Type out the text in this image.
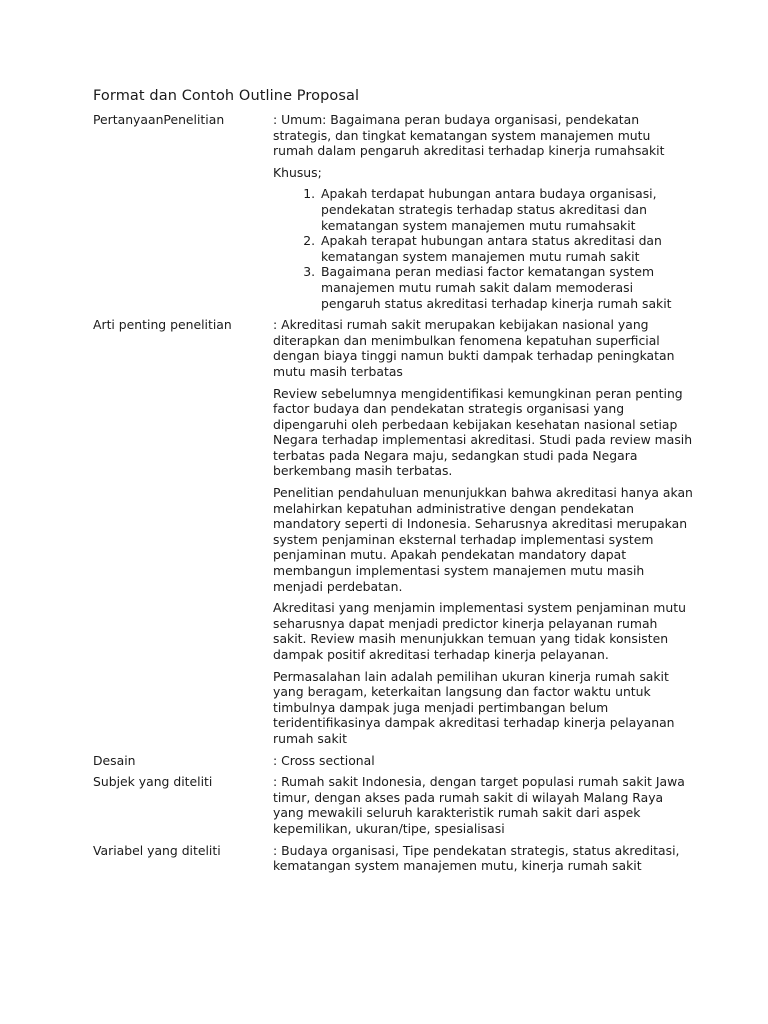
Format dan Contoh Outline Proposal
PertanyaanPenelitian	: Umum: Bagaimana peran budaya organisasi, pendekatan strategis, dan tingkat kematangan system manajemen mutu rumah dalam pengaruh akreditasi terhadap kinerja rumahsakit
Khusus;
1. Apakah terdapat hubungan antara budaya organisasi, pendekatan strategis terhadap status akreditasi dan kematangan system manajemen mutu rumahsakit
2. Apakah terapat hubungan antara status akreditasi dan kematangan system manajemen mutu rumah sakit
3. Bagaimana peran mediasi factor kematangan system manajemen mutu rumah sakit dalam memoderasi pengaruh status akreditasi terhadap kinerja rumah sakit
Arti penting penelitian	: Akreditasi rumah sakit merupakan kebijakan nasional yang diterapkan dan menimbulkan fenomena kepatuhan superficial dengan biaya tinggi namun bukti dampak terhadap peningkatan mutu masih terbatas
Review sebelumnya mengidentifikasi kemungkinan peran penting factor budaya dan pendekatan strategis organisasi yang dipengaruhi oleh perbedaan kebijakan kesehatan nasional setiap Negara terhadap implementasi akreditasi. Studi pada review masih terbatas pada Negara maju, sedangkan studi pada Negara berkembang masih terbatas.
Penelitian pendahuluan menunjukkan bahwa akreditasi hanya akan melahirkan kepatuhan administrative dengan pendekatan mandatory seperti di Indonesia. Seharusnya akreditasi merupakan system penjaminan eksternal terhadap implementasi system penjaminan mutu. Apakah pendekatan mandatory dapat membangun implementasi system manajemen mutu masih menjadi perdebatan.
Akreditasi yang menjamin implementasi system penjaminan mutu seharusnya dapat menjadi predictor kinerja pelayanan rumah sakit. Review masih menunjukkan temuan yang tidak konsisten dampak positif akreditasi terhadap kinerja pelayanan.
Permasalahan lain adalah pemilihan ukuran kinerja rumah sakit yang beragam, keterkaitan langsung dan factor waktu untuk timbulnya dampak juga menjadi pertimbangan belum teridentifikasinya dampak akreditasi terhadap kinerja pelayanan rumah sakit
Desain	: Cross sectional
Subjek yang diteliti	: Rumah sakit Indonesia, dengan target populasi rumah sakit Jawa timur, dengan akses pada rumah sakit di wilayah Malang Raya yang mewakili seluruh karakteristik rumah sakit dari aspek kepemilikan, ukuran/tipe, spesialisasi
Variabel yang diteliti	: Budaya organisasi, Tipe pendekatan strategis, status akreditasi, kematangan system manajemen mutu, kinerja rumah sakit
